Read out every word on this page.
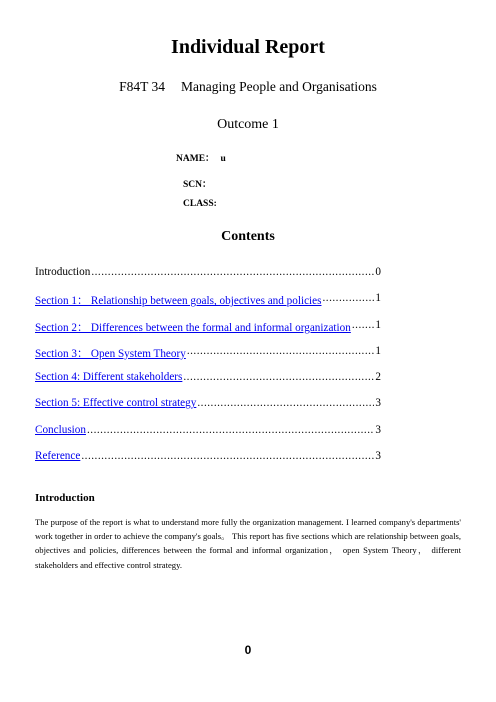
Individual Report
F84T 34 Managing People and Organisations
Outcome 1
NAME： u
SCN：
CLASS:
Contents
Introduction .....	0
Section 1： Relationship between goals, objectives and policies .....	1
Section 2： Differences between the formal and informal organization ..... 1
Section 3： Open System Theory .....	1
Section 4: Different stakeholders .....	2
Section 5: Effective control strategy .....	3
Conclusion .....	3
Reference .....	3
Introduction
The purpose of the report is what to understand more fully the organization management. I learned company's departments' work together in order to achieve the company's goals。 This report has five sections which are relationship between goals, objectives and policies, differences between the formal and informal organization， open System Theory， different stakeholders and effective control strategy.
0
